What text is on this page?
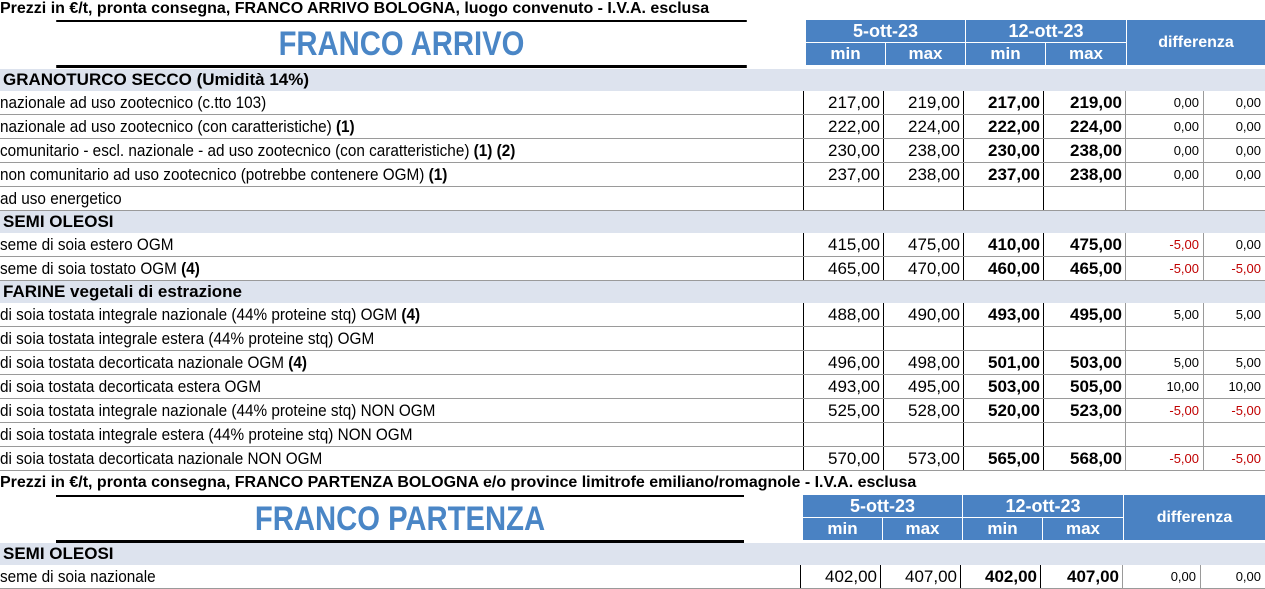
Prezzi in €/t, pronta consegna, FRANCO ARRIVO BOLOGNA, luogo convenuto - I.V.A. esclusa
FRANCO ARRIVO	5-ott-23	12-ott-23
min	max	min	max
differenza
GRANOTURCO SECCO (Umidità 14%)
nazionale ad uso zootecnico (c.tto 103)	217,00	219,00	217,00	219,00	0,00	0,00
nazionale ad uso zootecnico (con caratteristiche) (1)	222,00	224,00	222,00	224,00	0,00	0,00
comunitario - escl. nazionale - ad uso zootecnico (con caratteristiche) (1) (2)	230,00	238,00	230,00	238,00	0,00	0,00
non comunitario ad uso zootecnico (potrebbe contenere OGM) (1)	237,00	238,00	237,00	238,00	0,00	0,00
ad uso energetico
SEMI OLEOSI
seme di soia estero OGM	415,00	475,00	410,00	475,00	-5,00	0,00
seme di soia tostato OGM (4)	465,00	470,00	460,00	465,00	-5,00	-5,00
FARINE vegetali di estrazione
di soia tostata integrale nazionale (44% proteine stq) OGM (4)	488,00	490,00	493,00	495,00	5,00	5,00
di soia tostata integrale estera (44% proteine stq) OGM
di soia tostata decorticata nazionale OGM (4)	496,00	498,00	501,00	503,00	5,00	5,00
di soia tostata decorticata estera OGM	493,00	495,00	503,00	505,00	10,00	10,00
di soia tostata integrale nazionale (44% proteine stq) NON OGM	525,00	528,00	520,00	523,00	-5,00	-5,00
di soia tostata integrale estera (44% proteine stq) NON OGM
di soia tostata decorticata nazionale NON OGM	570,00	573,00	565,00	568,00	-5,00	-5,00
Prezzi in €/t, pronta consegna, FRANCO PARTENZA BOLOGNA e/o province limitrofe emiliano/romagnole - I.V.A. esclusa
FRANCO PARTENZA	5-ott-23	12-ott-23
min	max	min	max
differenza
SEMI OLEOSI
seme di soia nazionale	402,00	407,00	402,00	407,00	0,00	0,00
